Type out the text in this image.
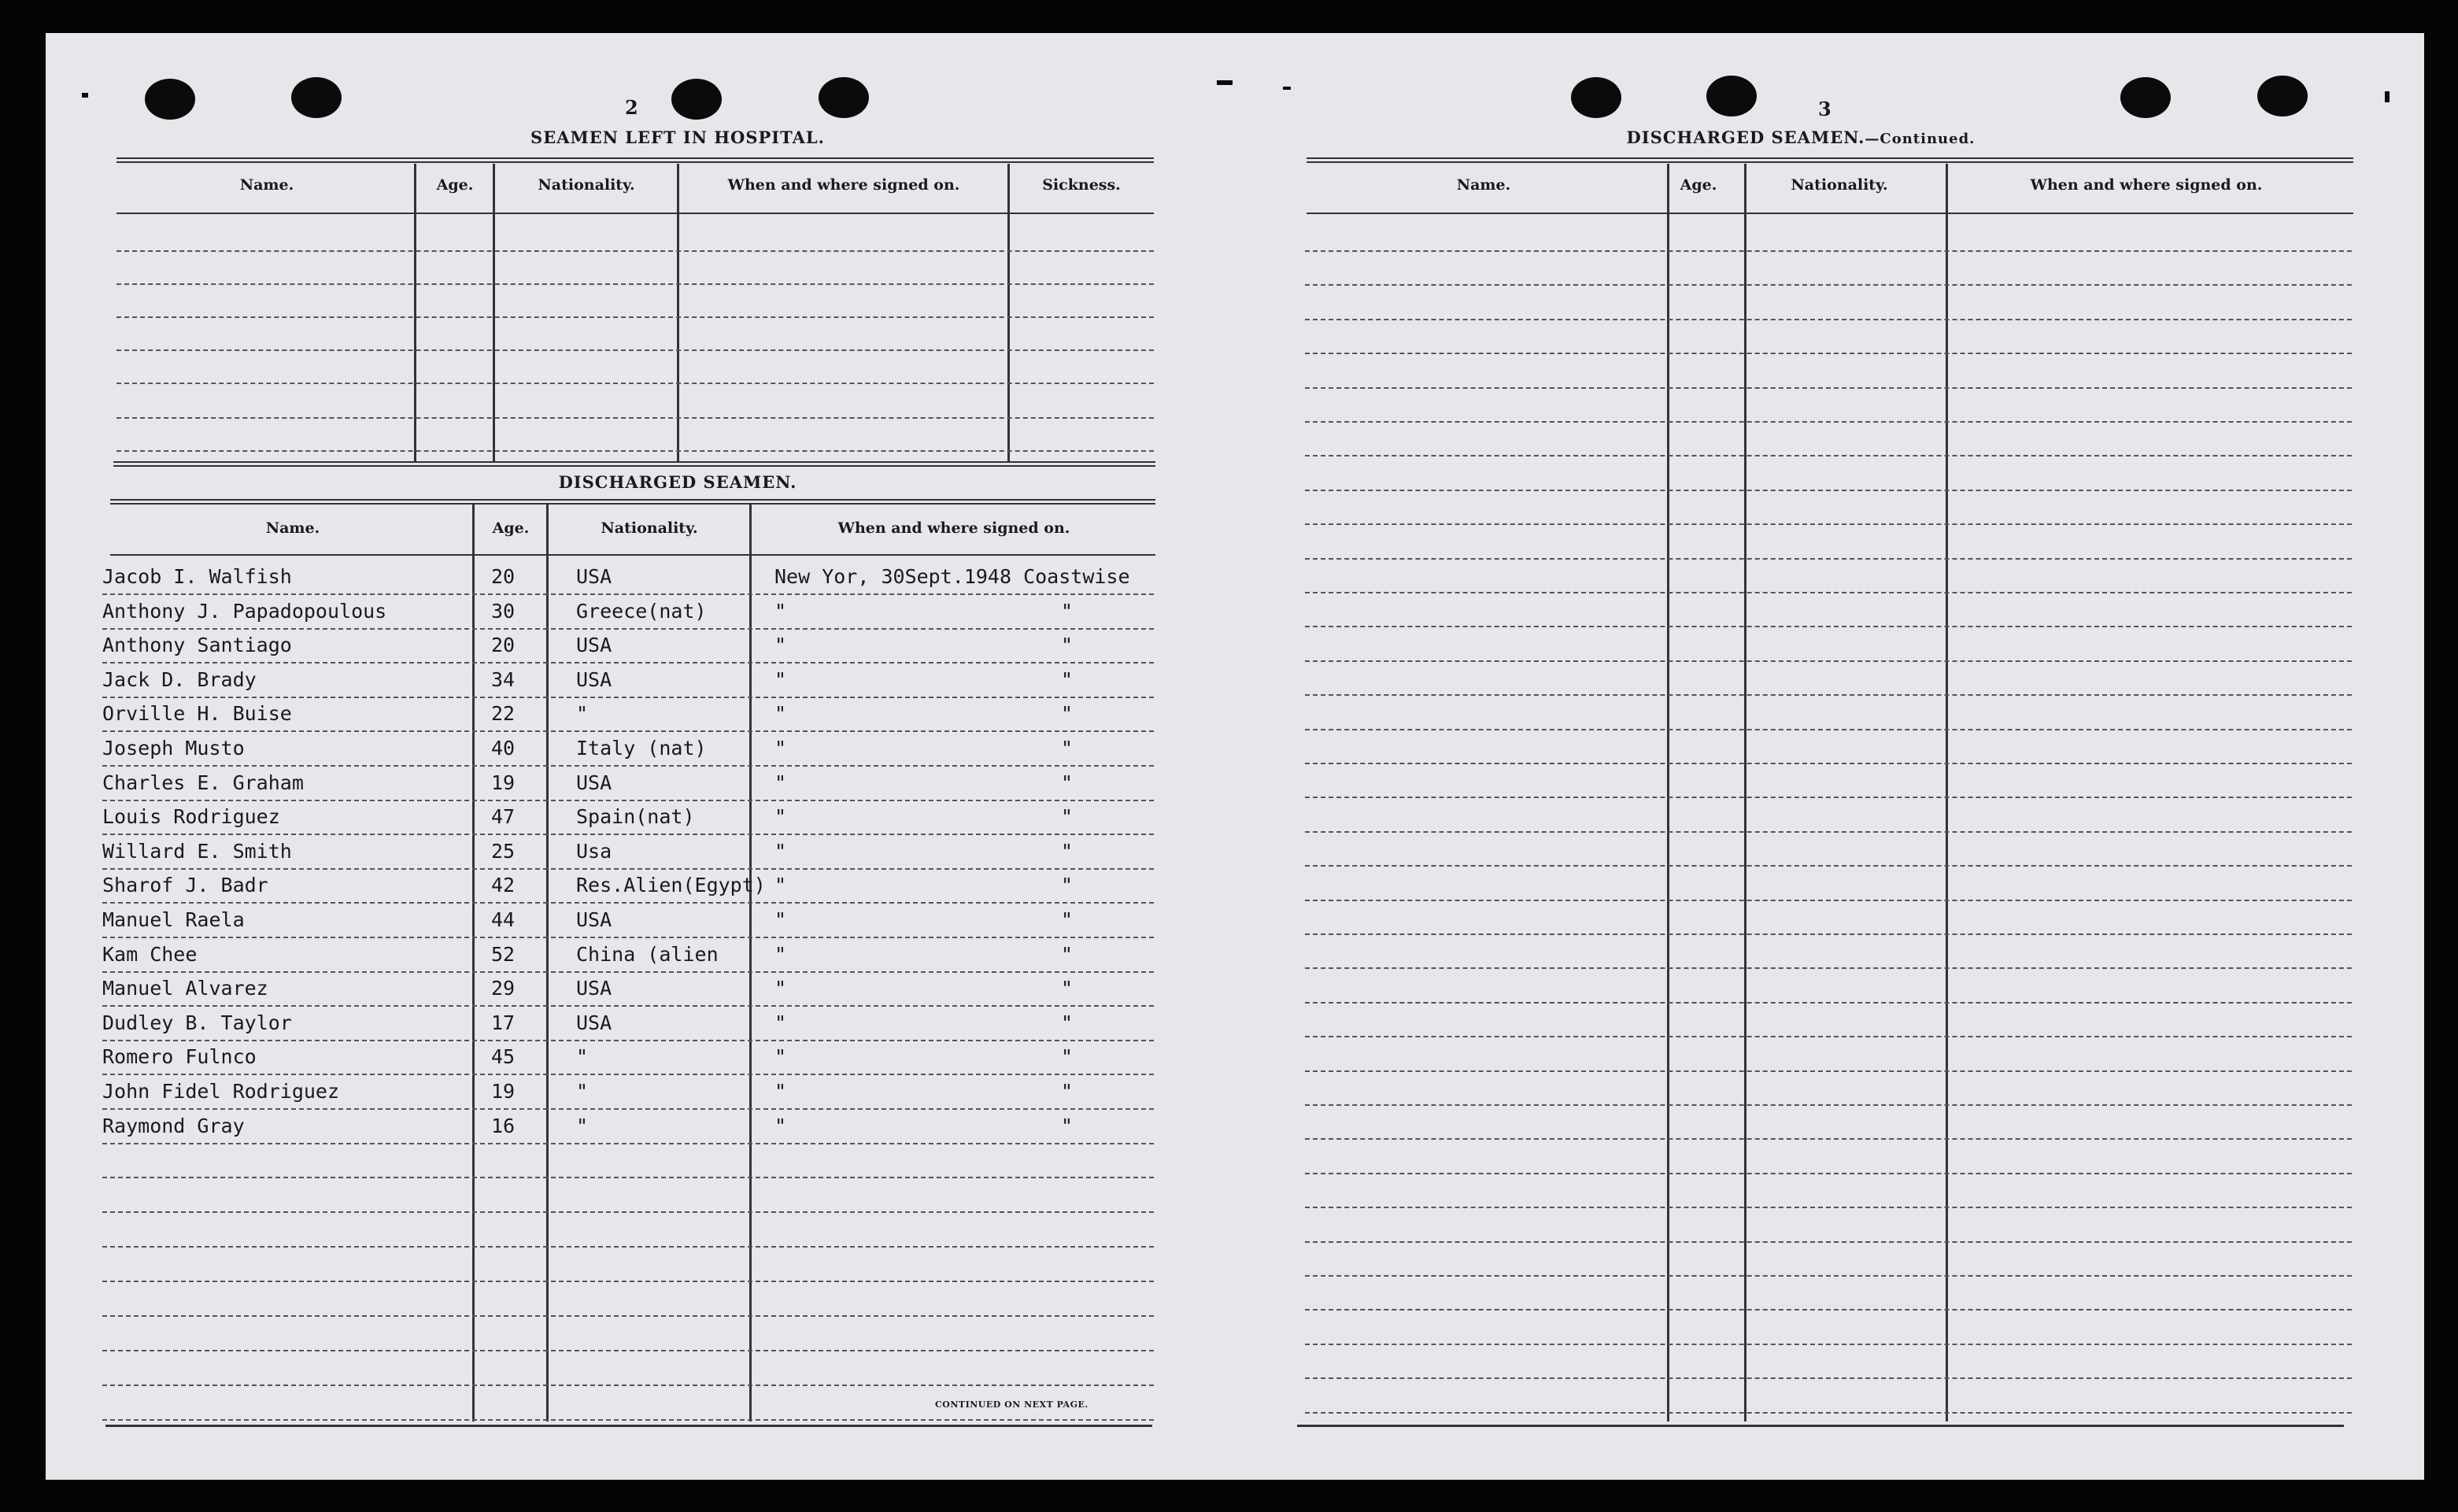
2
SEAMEN LEFT IN HOSPITAL.
Name.	Age.	Nationality.	When and where signed on.	Sickness.
DISCHARGED SEAMEN.
Name.	Age.	Nationality.	When and where signed on.
Jacob I. Walfish	20	USA	New Yor, 30Sept.1948 Coastwise
Anthony J. Papadopoulous	30	Greece(nat)	"	"
Anthony Santiago	20	USA	"	"
Jack D. Brady	34	USA	"	"
Orville H. Buise	22	"	"	"
Joseph Musto	40	Italy (nat)	"	"
Charles E. Graham	19	USA	"	"
Louis Rodriguez	47	Spain(nat)	"	"
Willard E. Smith	25	Usa	"	"
Sharof J. Badr	42	Res.Alien(Egypt) "	"
Manuel Raela	44	USA	"	"
Kam Chee	52	China (alien	"	"
Manuel Alvarez	29	USA	"	"
Dudley B. Taylor	17	USA	"	"
Romero Fulnco	45	"	"	"
John Fidel Rodriguez	19	"	"	"
Raymond Gray	16	"	"	"
CONTINUED ON NEXT PAGE.
3
DISCHARGED SEAMEN.—Continued.
Name.	Age.	Nationality.	When and where signed on.
